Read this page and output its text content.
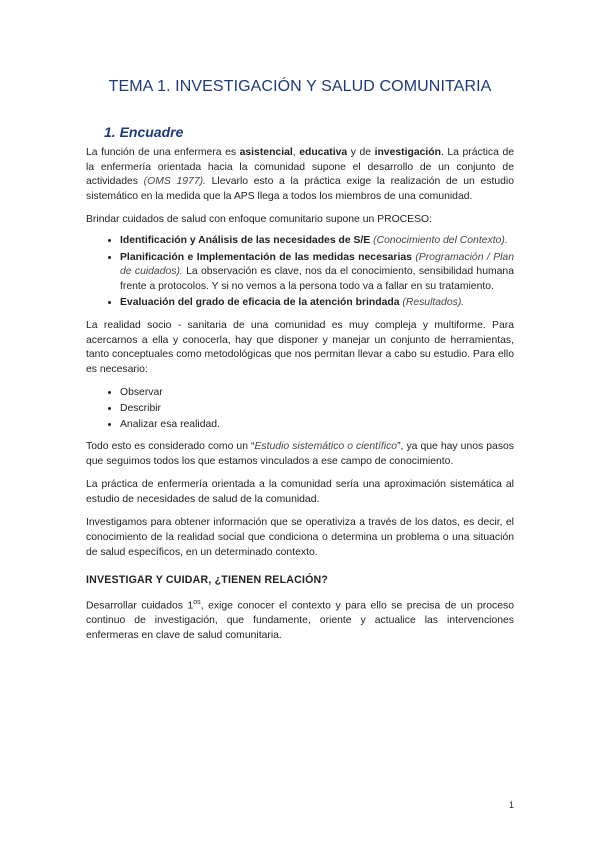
TEMA 1. INVESTIGACIÓN Y SALUD COMUNITARIA
1. Encuadre

La función de una enfermera es asistencial, educativa y de investigación. La práctica de la enfermería orientada hacia la comunidad supone el desarrollo de un conjunto de actividades (OMS 1977). Llevarlo esto a la práctica exige la realización de un estudio sistemático en la medida que la APS llega a todos los miembros de una comunidad.

Brindar cuidados de salud con enfoque comunitario supone un PROCESO:

• Identificación y Análisis de las necesidades de S/E (Conocimiento del Contexto).
• Planificación e Implementación de las medidas necesarias (Programación / Plan de cuidados). La observación es clave, nos da el conocimiento, sensibilidad humana frente a protocolos. Y si no vemos a la persona todo va a fallar en su tratamiento.
• Evaluación del grado de eficacia de la atención brindada (Resultados).

La realidad socio - sanitaria de una comunidad es muy compleja y multiforme. Para acercarnos a ella y conocerla, hay que disponer y manejar un conjunto de herramientas, tanto conceptuales como metodológicas que nos permitan llevar a cabo su estudio. Para ello es necesario:

• Observar
• Describir
• Analizar esa realidad.

Todo esto es considerado como un “Estudio sistemático o científico”, ya que hay unos pasos que seguimos todos los que estamos vinculados a ese campo de conocimiento.

La práctica de enfermería orientada a la comunidad sería una aproximación sistemática al estudio de necesidades de salud de la comunidad.

Investigamos para obtener información que se operativiza a través de los datos, es decir, el conocimiento de la realidad social que condiciona o determina un problema o una situación de salud específicos, en un determinado contexto.

INVESTIGAR Y CUIDAR, ¿TIENEN RELACIÓN?

Desarrollar cuidados $1^{os}$, exige conocer el contexto y para ello se precisa de un proceso continuo de investigación, que fundamente, oriente y actualice las intervenciones enfermeras en clave de salud comunitaria.

1
